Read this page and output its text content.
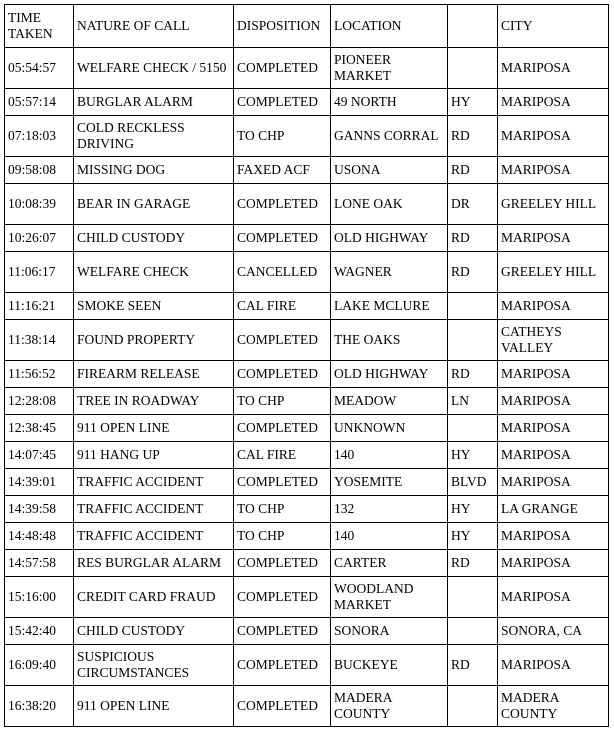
TIME TAKEN	NATURE OF CALL	DISPOSITION	LOCATION		CITY
05:54:57	WELFARE CHECK / 5150	COMPLETED	PIONEER MARKET		MARIPOSA
05:57:14	BURGLAR ALARM	COMPLETED	49 NORTH	HY	MARIPOSA
07:18:03	COLD RECKLESS DRIVING	TO CHP	GANNS CORRAL	RD	MARIPOSA
09:58:08	MISSING DOG	FAXED ACF	USONA	RD	MARIPOSA
10:08:39	BEAR IN GARAGE	COMPLETED	LONE OAK	DR	GREELEY HILL
10:26:07	CHILD CUSTODY	COMPLETED	OLD HIGHWAY	RD	MARIPOSA
11:06:17	WELFARE CHECK	CANCELLED	WAGNER	RD	GREELEY HILL
11:16:21	SMOKE SEEN	CAL FIRE	LAKE MCLURE		MARIPOSA
11:38:14	FOUND PROPERTY	COMPLETED	THE OAKS		CATHEYS VALLEY
11:56:52	FIREARM RELEASE	COMPLETED	OLD HIGHWAY	RD	MARIPOSA
12:28:08	TREE IN ROADWAY	TO CHP	MEADOW	LN	MARIPOSA
12:38:45	911 OPEN LINE	COMPLETED	UNKNOWN		MARIPOSA
14:07:45	911 HANG UP	CAL FIRE	140	HY	MARIPOSA
14:39:01	TRAFFIC ACCIDENT	COMPLETED	YOSEMITE	BLVD	MARIPOSA
14:39:58	TRAFFIC ACCIDENT	TO CHP	132	HY	LA GRANGE
14:48:48	TRAFFIC ACCIDENT	TO CHP	140	HY	MARIPOSA
14:57:58	RES BURGLAR ALARM	COMPLETED	CARTER	RD	MARIPOSA
15:16:00	CREDIT CARD FRAUD	COMPLETED	WOODLAND MARKET		MARIPOSA
15:42:40	CHILD CUSTODY	COMPLETED	SONORA		SONORA, CA
16:09:40	SUSPICIOUS CIRCUMSTANCES	COMPLETED	BUCKEYE	RD	MARIPOSA
16:38:20	911 OPEN LINE	COMPLETED	MADERA COUNTY		MADERA COUNTY
